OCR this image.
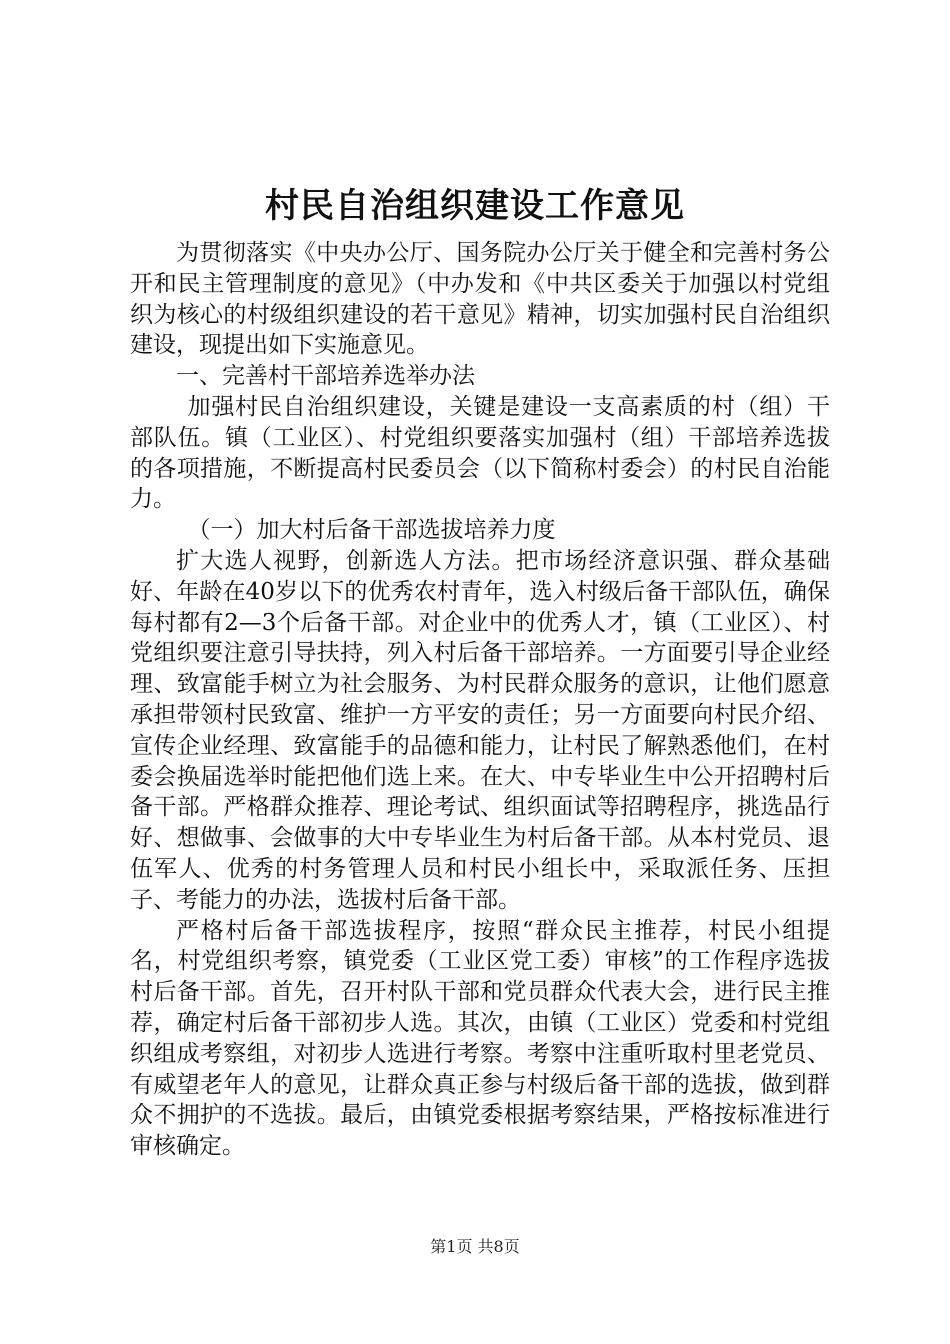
村民自治组织建设工作意见

为贯彻落实《中央办公厅、国务院办公厅关于健全和完善村务公开和民主管理制度的意见》（中办发和《中共区委关于加强以村党组织为核心的村级组织建设的若干意见》精神，切实加强村民自治组织建设，现提出如下实施意见。

一、完善村干部培养选举办法

加强村民自治组织建设，关键是建设一支高素质的村（组）干部队伍。镇（工业区）、村党组织要落实加强村（组）干部培养选拔的各项措施，不断提高村民委员会（以下简称村委会）的村民自治能力。

（一）加大村后备干部选拔培养力度

扩大选人视野，创新选人方法。把市场经济意识强、群众基础好、年龄在40岁以下的优秀农村青年，选入村级后备干部队伍，确保每村都有2—3个后备干部。对企业中的优秀人才，镇（工业区）、村党组织要注意引导扶持，列入村后备干部培养。一方面要引导企业经理、致富能手树立为社会服务、为村民群众服务的意识，让他们愿意承担带领村民致富、维护一方平安的责任；另一方面要向村民介绍、宣传企业经理、致富能手的品德和能力，让村民了解熟悉他们，在村委会换届选举时能把他们选上来。在大、中专毕业生中公开招聘村后备干部。严格群众推荐、理论考试、组织面试等招聘程序，挑选品行好、想做事、会做事的大中专毕业生为村后备干部。从本村党员、退伍军人、优秀的村务管理人员和村民小组长中，采取派任务、压担子、考能力的办法，选拔村后备干部。

严格村后备干部选拔程序，按照“群众民主推荐，村民小组提名，村党组织考察，镇党委（工业区党工委）审核”的工作程序选拔村后备干部。首先，召开村队干部和党员群众代表大会，进行民主推荐，确定村后备干部初步人选。其次，由镇（工业区）党委和村党组织组成考察组，对初步人选进行考察。考察中注重听取村里老党员、有威望老年人的意见，让群众真正参与村级后备干部的选拔，做到群众不拥护的不选拔。最后，由镇党委根据考察结果，严格按标准进行审核确定。

第1页 共8页
